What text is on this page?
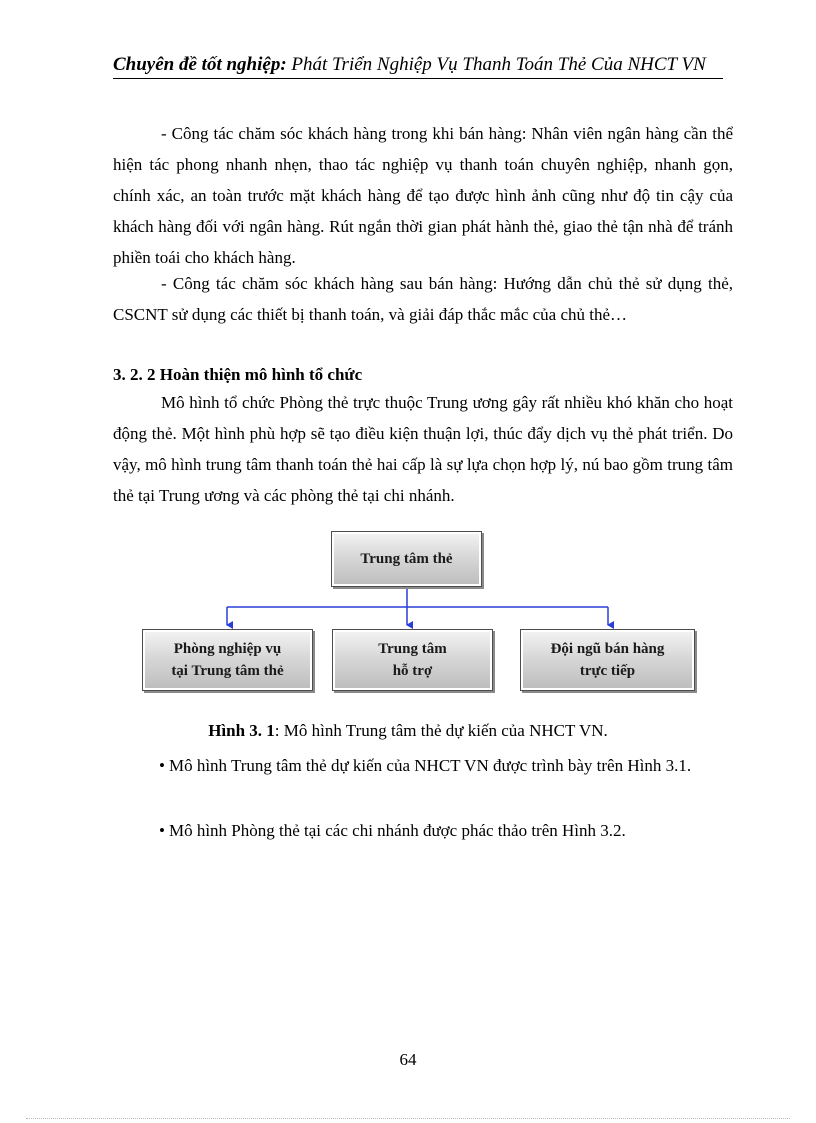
Chuyên đề tốt nghiệp: Phát Triển Nghiệp Vụ Thanh Toán Thẻ Của NHCT VN

- Công tác chăm sóc khách hàng trong khi bán hàng: Nhân viên ngân hàng cần thể hiện tác phong nhanh nhẹn, thao tác nghiệp vụ thanh toán chuyên nghiệp, nhanh gọn, chính xác, an toàn trước mặt khách hàng để tạo được hình ảnh cũng như độ tin cậy của khách hàng đối với ngân hàng. Rút ngắn thời gian phát hành thẻ, giao thẻ tận nhà để tránh phiền toái cho khách hàng.

- Công tác chăm sóc khách hàng sau bán hàng: Hướng dẫn chủ thẻ sử dụng thẻ, CSCNT sử dụng các thiết bị thanh toán, và giải đáp thắc mắc của chủ thẻ…

3. 2. 2 Hoàn thiện mô hình tổ chức

Mô hình tổ chức Phòng thẻ trực thuộc Trung ương gây rất nhiều khó khăn cho hoạt động thẻ. Một hình phù hợp sẽ tạo điều kiện thuận lợi, thúc đẩy dịch vụ thẻ phát triển. Do vậy, mô hình trung tâm thanh toán thẻ hai cấp là sự lựa chọn hợp lý, nú bao gồm trung tâm thẻ tại Trung ương và các phòng thẻ tại chi nhánh.

Trung tâm thẻ
Phòng nghiệp vụ
tại Trung tâm thẻ
Trung tâm
hỗ trợ
Đội ngũ bán hàng
trực tiếp

Hình 3. 1: Mô hình Trung tâm thẻ dự kiến của NHCT VN.

• Mô hình Trung tâm thẻ dự kiến của NHCT VN được trình bày trên Hình 3.1.

• Mô hình Phòng thẻ tại các chi nhánh được phác thảo trên Hình 3.2.

64
